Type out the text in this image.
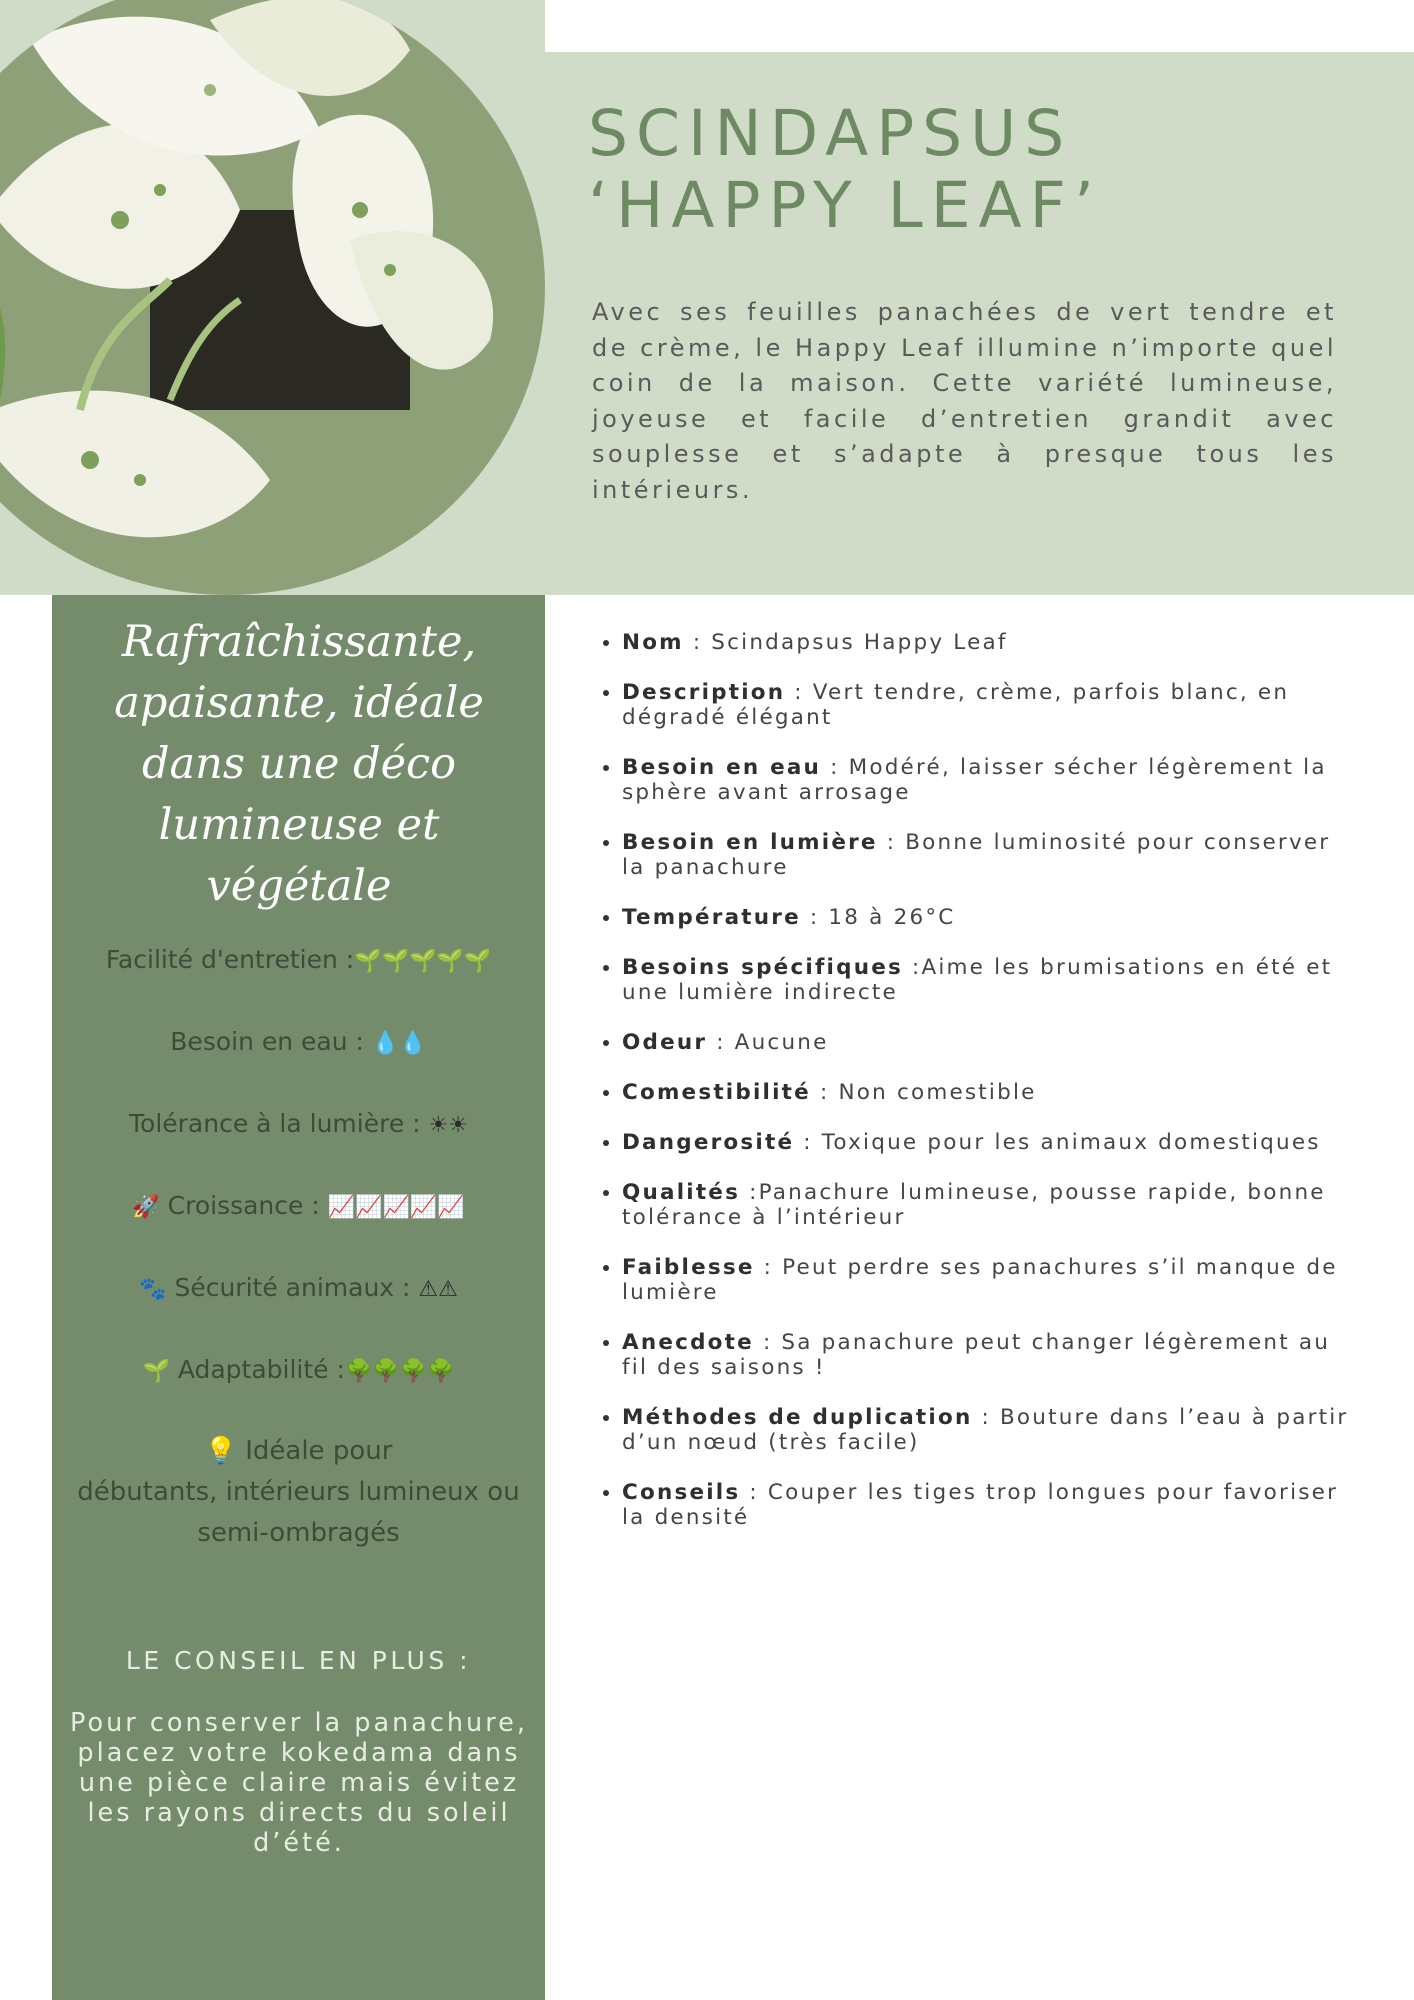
SCINDAPSUS
‘HAPPY LEAF’

Avec ses feuilles panachées de vert tendre et de crème, le Happy Leaf illumine n’importe quel coin de la maison. Cette variété lumineuse, joyeuse et facile d’entretien grandit avec souplesse et s’adapte à presque tous les intérieurs.

Rafraîchissante, apaisante, idéale dans une déco lumineuse et végétale

Facilité d'entretien :🌱🌱🌱🌱🌱

Besoin en eau : 💧💧

Tolérance à la lumière : ☀☀

🚀 Croissance : 📈📈📈📈📈

🐾 Sécurité animaux : ⚠⚠

🌱 Adaptabilité :🌳🌳🌳🌳

💡 Idéale pour
débutants, intérieurs lumineux ou semi-ombragés

LE CONSEIL EN PLUS :

Pour conserver la panachure, placez votre kokedama dans une pièce claire mais évitez les rayons directs du soleil d’été.

• Nom : Scindapsus Happy Leaf
• Description : Vert tendre, crème, parfois blanc, en dégradé élégant
• Besoin en eau : Modéré, laisser sécher légèrement la sphère avant arrosage
• Besoin en lumière : Bonne luminosité pour conserver la panachure
• Température : 18 à 26°C
• Besoins spécifiques :Aime les brumisations en été et une lumière indirecte
• Odeur : Aucune
• Comestibilité : Non comestible
• Dangerosité : Toxique pour les animaux domestiques
• Qualités :Panachure lumineuse, pousse rapide, bonne tolérance à l’intérieur
• Faiblesse : Peut perdre ses panachures s’il manque de lumière
• Anecdote : Sa panachure peut changer légèrement au fil des saisons !
• Méthodes de duplication : Bouture dans l’eau à partir d’un nœud (très facile)
• Conseils : Couper les tiges trop longues pour favoriser la densité
